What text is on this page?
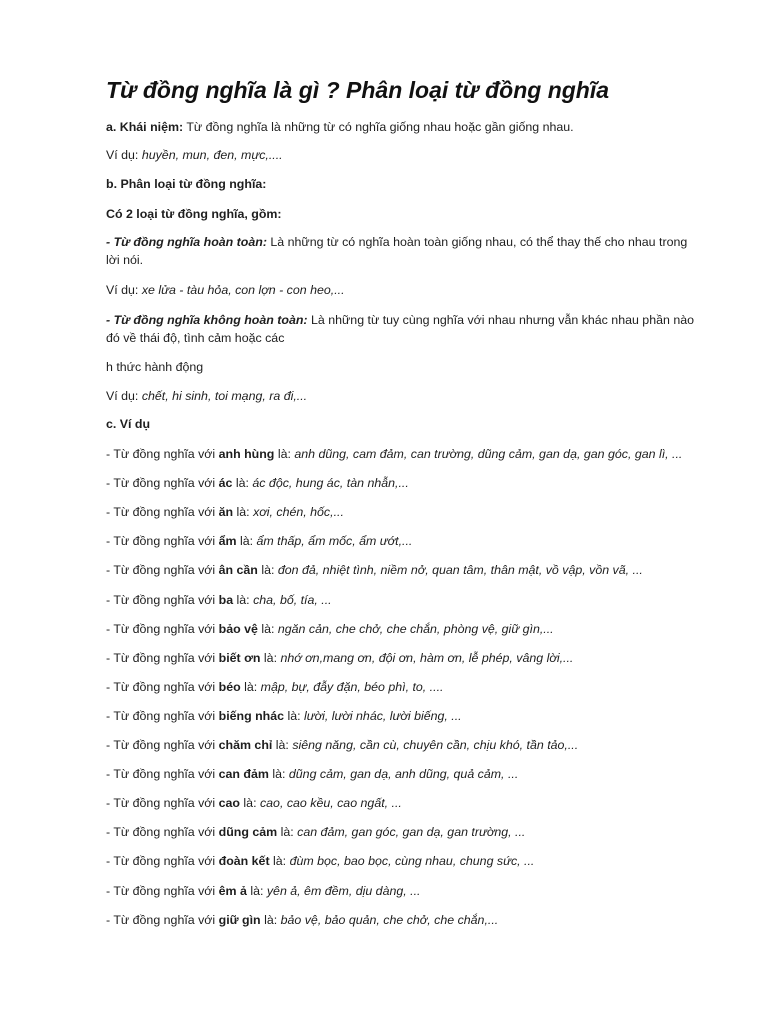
Từ đồng nghĩa là gì ? Phân loại từ đồng nghĩa

a. Khái niệm: Từ đồng nghĩa là những từ có nghĩa giống nhau hoặc gần giống nhau.

Ví dụ: huyền, mun, đen, mực,....

b. Phân loại từ đồng nghĩa:

Có 2 loại từ đồng nghĩa, gồm:

- Từ đồng nghĩa hoàn toàn: Là những từ có nghĩa hoàn toàn giống nhau, có thể thay thế cho nhau trong

lời nói.

Ví dụ: xe lửa - tàu hỏa, con lợn - con heo,...

- Từ đồng nghĩa không hoàn toàn: Là những từ tuy cùng nghĩa với nhau nhưng vẫn khác nhau phần nào

đó về thái độ, tình cảm hoặc các

h thức hành động

Ví dụ: chết, hi sinh, toi mạng, ra đi,...

c. Ví dụ

- Từ đồng nghĩa với anh hùng là: anh dũng, cam đảm, can trường, dũng cảm, gan dạ, gan góc, gan lì, ...

- Từ đồng nghĩa với ác là: ác độc, hung ác, tàn nhẫn,...

- Từ đồng nghĩa với ăn là: xơi, chén, hốc,...

- Từ đồng nghĩa với ẩm là: ẩm thấp, ẩm mốc, ẩm ướt,...

- Từ đồng nghĩa với ân cần là: đon đả, nhiệt tình, niềm nở, quan tâm, thân mật, vồ vập, vồn vã, ...

- Từ đồng nghĩa với ba là: cha, bố, tía, ...

- Từ đồng nghĩa với bảo vệ là: ngăn cản, che chở, che chắn, phòng vệ, giữ gìn,...

- Từ đồng nghĩa với biết ơn là: nhớ ơn,mang ơn, đội ơn, hàm ơn, lễ phép, vâng lời,...

- Từ đồng nghĩa với béo là: mập, bự, đẫy đặn, béo phì, to, ....

- Từ đồng nghĩa với biếng nhác là: lười, lười nhác, lười biếng, ...

- Từ đồng nghĩa với chăm chỉ là: siêng năng, cần cù, chuyên cần, chịu khó, tần tảo,...

- Từ đồng nghĩa với can đảm là: dũng cảm, gan dạ, anh dũng, quả cảm, ...

- Từ đồng nghĩa với cao là: cao, cao kều, cao ngất, ...

- Từ đồng nghĩa với dũng cảm là: can đảm, gan góc, gan dạ, gan trường, ...

- Từ đồng nghĩa với đoàn kết là: đùm bọc, bao bọc, cùng nhau, chung sức, ...

- Từ đồng nghĩa với êm ả là: yên ả, êm đềm, dịu dàng, ...

- Từ đồng nghĩa với giữ gìn là: bảo vệ, bảo quản, che chở, che chắn,...
